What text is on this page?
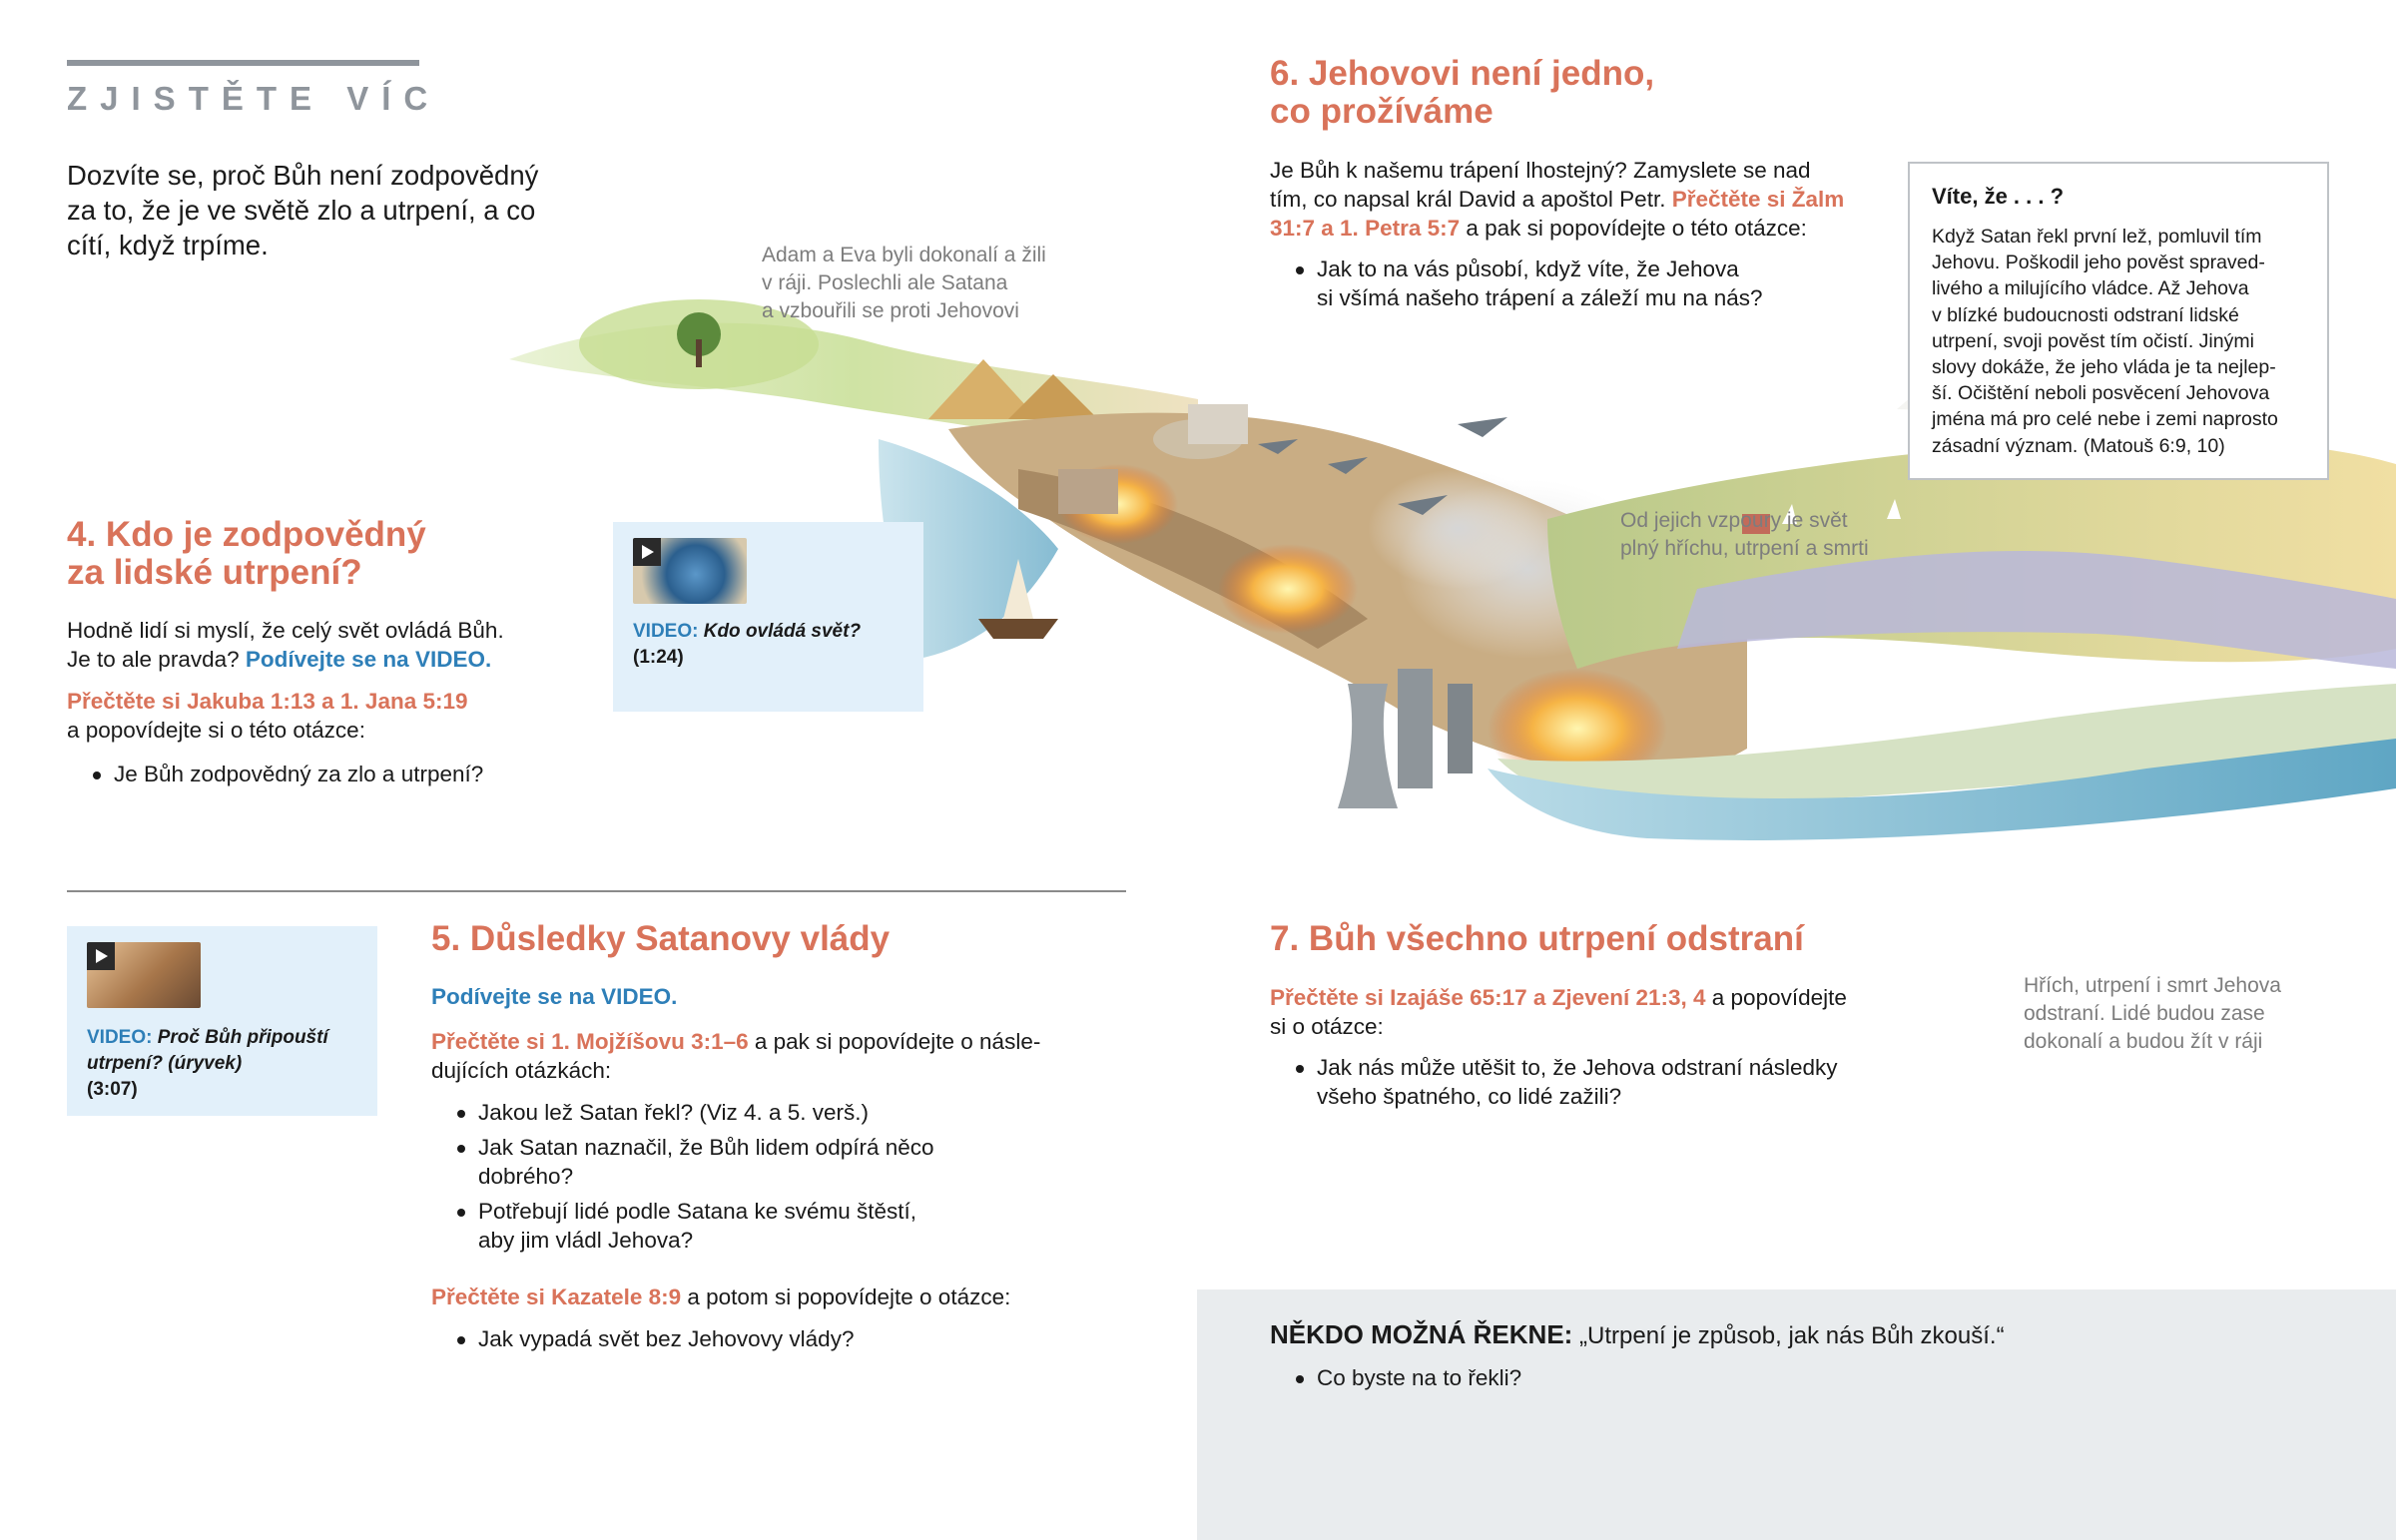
ZJISTĚTE VÍC
Dozvíte se, proč Bůh není zodpovědný
za to, že je ve světě zlo a utrpení, a co
cítí, když trpíme.	Adam a Eva byli dokonalí a žili
v ráji. Poslechli ale Satana
a vzbouřili se proti Jehovovi
Od jejich vzpoury je svět
plný hříchu, utrpení a smrti
Hřích, utrpení i smrt Jehova
odstraní. Lidé budou zase
dokonalí a budou žít v ráji
4. Kdo je zodpovědný
za lidské utrpení?
Hodně lidí si myslí, že celý svět ovládá Bůh.
Je to ale pravda? Podívejte se na VIDEO.
Přečtěte si Jakuba 1:13 a 1. Jana 5:19
a popovídejte si o této otázce:
Je Bůh zodpovědný za zlo a utrpení?
VIDEO: Kdo ovládá svět?
(1:24)
VIDEO: Proč Bůh připouští
utrpení? (úryvek)
(3:07)
5. Důsledky Satanovy vlády
Podívejte se na VIDEO.
Přečtěte si 1. Mojžíšovu 3:1–6 a pak si popovídejte o násle-
dujících otázkách:
Jakou lež Satan řekl? (Viz 4. a 5. verš.)
Jak Satan naznačil, že Bůh lidem odpírá něco
dobrého?
Potřebují lidé podle Satana ke svému štěstí,
aby jim vládl Jehova?
Přečtěte si Kazatele 8:9 a potom si popovídejte o otázce:
Jak vypadá svět bez Jehovovy vlády?
6. Jehovovi není jedno,
co prožíváme
Je Bůh k našemu trápení lhostejný? Zamyslete se nad
tím, co napsal král David a apoštol Petr. Přečtěte si Žalm
31:7 a 1. Petra 5:7 a pak si popovídejte o této otázce:
Jak to na vás působí, když víte, že Jehova
si všímá našeho trápení a záleží mu na nás?
Víte, že . . . ?
Když Satan řekl první lež, pomluvil tím
Jehovu. Poškodil jeho pověst spraved-
livého a milujícího vládce. Až Jehova
v blízké budoucnosti odstraní lidské
utrpení, svoji pověst tím očistí. Jinými
slovy dokáže, že jeho vláda je ta nejlep-
ší. Očištění neboli posvěcení Jehovova
jména má pro celé nebe i zemi naprosto
zásadní význam. (Matouš 6:9, 10)
7. Bůh všechno utrpení odstraní
Přečtěte si Izajáše 65:17 a Zjevení 21:3, 4 a popovídejte
si o otázce:
Jak nás může utěšit to, že Jehova odstraní následky
všeho špatného, co lidé zažili?
NĚKDO MOŽNÁ ŘEKNE: „Utrpení je způsob, jak nás Bůh zkouší.“
Co byste na to řekli?
